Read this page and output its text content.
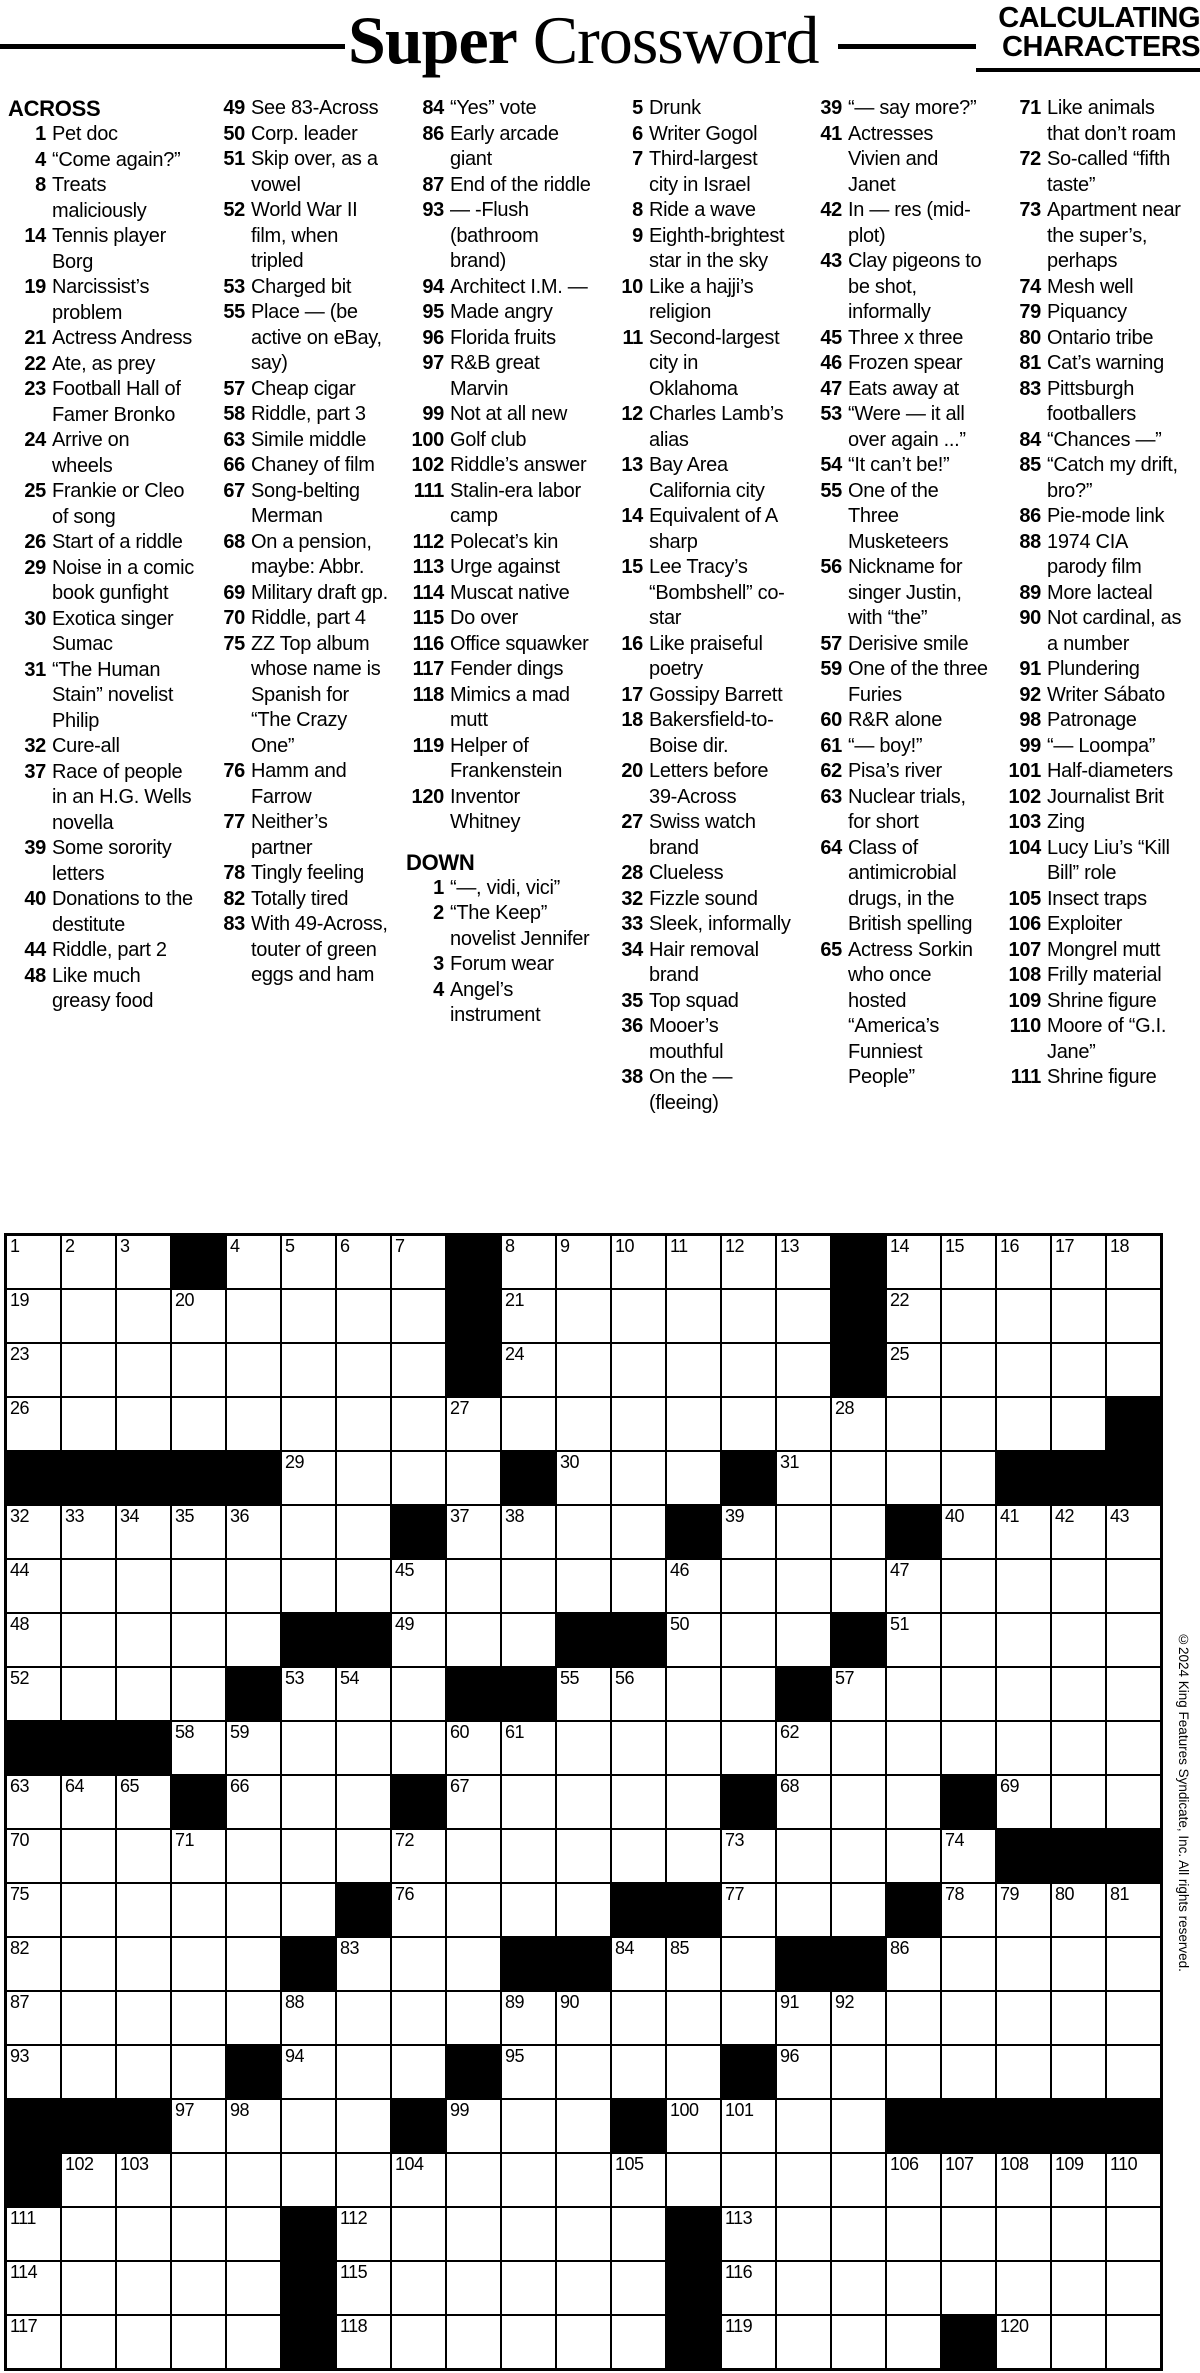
Super Crossword	CALCULATING
CHARACTERS
ACROSS
1 Pet doc
4 “Come again?”
8 Treats maliciously
14 Tennis player Borg
19 Narcissist’s problem
21 Actress Andress
22 Ate, as prey
23 Football Hall of Famer Bronko
24 Arrive on wheels
25 Frankie or Cleo of song
26 Start of a riddle
29 Noise in a comic book gunfight
30 Exotica singer Sumac
31 “The Human Stain” novelist Philip
32 Cure-all
37 Race of people in an H.G. Wells novella
39 Some sorority letters
40 Donations to the destitute
44 Riddle, part 2
48 Like much greasy food
49 See 83-Across
50 Corp. leader
51 Skip over, as a vowel
52 World War II film, when tripled
53 Charged bit
55 Place — (be active on eBay, say)
57 Cheap cigar
58 Riddle, part 3
63 Simile middle
66 Chaney of film
67 Song-belting Merman
68 On a pension, maybe: Abbr.
69 Military draft gp.
70 Riddle, part 4
75 ZZ Top album whose name is Spanish for “The Crazy One”
76 Hamm and Farrow
77 Neither’s partner
78 Tingly feeling
82 Totally tired
83 With 49-Across, touter of green eggs and ham
84 “Yes” vote
86 Early arcade giant
87 End of the riddle
93 — -Flush (bathroom brand)
94 Architect I.M. —
95 Made angry
96 Florida fruits
97 R&B great Marvin
99 Not at all new
100 Golf club
102 Riddle’s answer
111 Stalin-era labor camp
112 Polecat’s kin
113 Urge against
114 Muscat native
115 Do over
116 Office squawker
117 Fender dings
118 Mimics a mad mutt
119 Helper of Frankenstein
120 Inventor Whitney
DOWN
1 “—, vidi, vici”
2 “The Keep” novelist Jennifer
3 Forum wear
4 Angel’s instrument
5 Drunk
6 Writer Gogol
7 Third-largest city in Israel
8 Ride a wave
9 Eighth-brightest star in the sky
10 Like a hajji’s religion
11 Second-largest city in Oklahoma
12 Charles Lamb’s alias
13 Bay Area California city
14 Equivalent of A sharp
15 Lee Tracy’s “Bombshell” co-star
16 Like praiseful poetry
17 Gossipy Barrett
18 Bakersfield-to-Boise dir.
20 Letters before 39-Across
27 Swiss watch brand
28 Clueless
32 Fizzle sound
33 Sleek, informally
34 Hair removal brand
35 Top squad
36 Mooer’s mouthful
38 On the — (fleeing)
39 “— say more?”
41 Actresses Vivien and Janet
42 In — res (mid-plot)
43 Clay pigeons to be shot, informally
45 Three x three
46 Frozen spear
47 Eats away at
53 “Were — it all over again ...”
54 “It can’t be!”
55 One of the Three Musketeers
56 Nickname for singer Justin, with “the”
57 Derisive smile
59 One of the three Furies
60 R&R alone
61 “— boy!”
62 Pisa’s river
63 Nuclear trials, for short
64 Class of antimicrobial drugs, in the British spelling
65 Actress Sorkin who once hosted “America’s Funniest People”
71 Like animals that don’t roam
72 So-called “fifth taste”
73 Apartment near the super’s, perhaps
74 Mesh well
79 Piquancy
80 Ontario tribe
81 Cat’s warning
83 Pittsburgh footballers
84 “Chances —”
85 “Catch my drift, bro?”
86 Pie-mode link
88 1974 CIA parody film
89 More lacteal
90 Not cardinal, as a number
91 Plundering
92 Writer Sábato
98 Patronage
99 “— Loompa”
101 Half-diameters
102 Journalist Brit
103 Zing
104 Lucy Liu’s “Kill Bill” role
105 Insect traps
106 Exploiter
107 Mongrel mutt
108 Frilly material
109 Shrine figure
110 Moore of “G.I. Jane”
111 Shrine figure
1	2	3	4	5	6	7	8	9	10 11 12 13	14 15 16 17 18
19	20	21	22
23	24	25
26	27	28
29	30	31
32 33 34 35 36	37 38	39	40 41 42 43
44	45	46	47
48	49	50	51
52	53 54	55 56	57
58 59	60 61	62
63 64 65	66	67	68	69
70	71	72	73	74
75	76	77	78 79 80 81
82	83	84 85	86
87	88	89 90	91 92
93	94	95	96
97 98	99	100 101
102 103	104	105	106 107 108 109 110
111	112	113
114	115	116
117	118	119	120
©2024 King Features Syndicate, Inc. All rights reserved.
